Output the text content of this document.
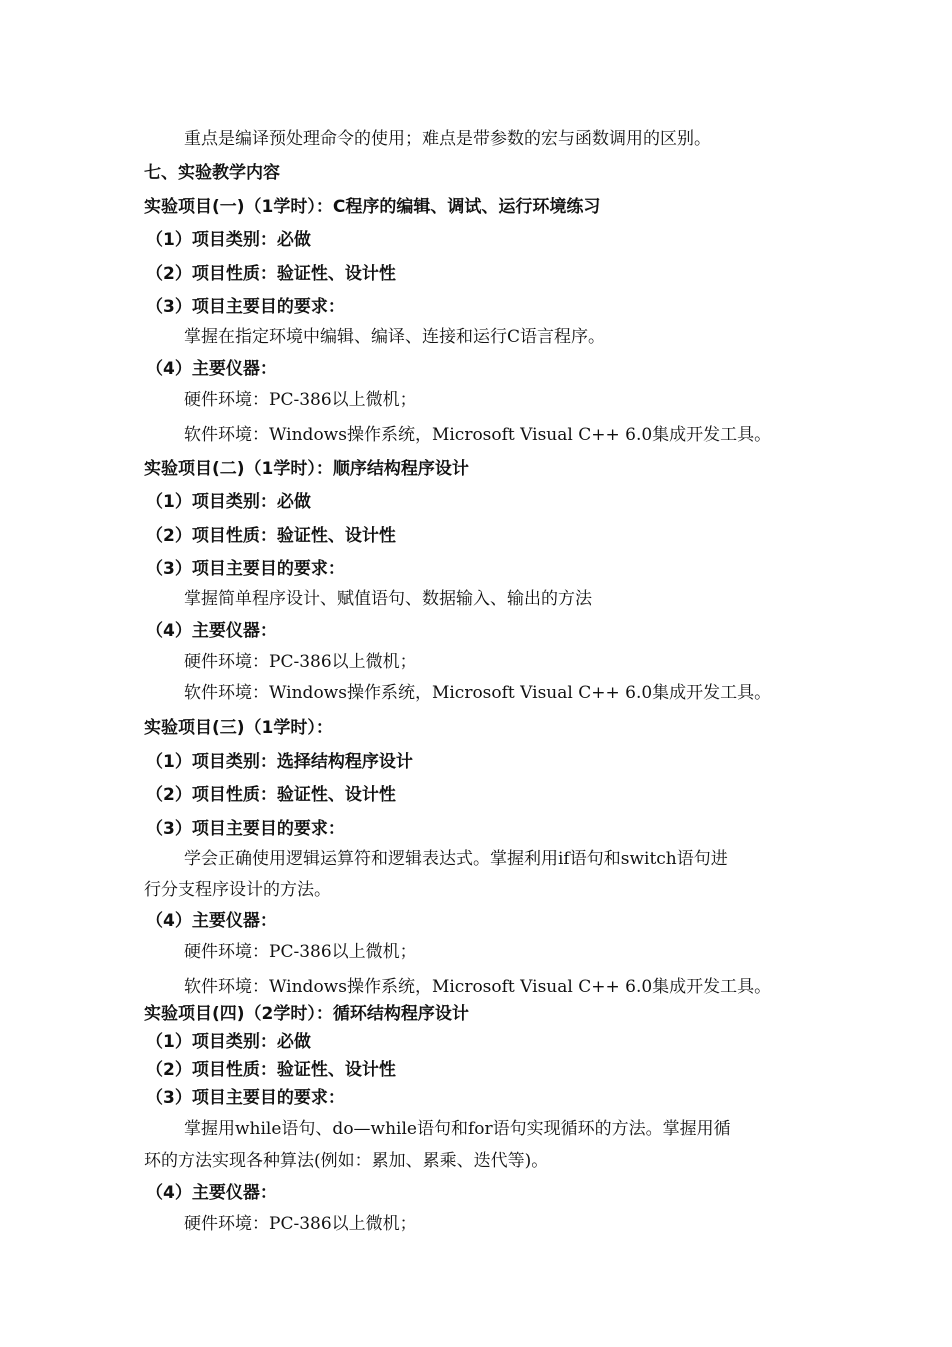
重点是编译预处理命令的使用；难点是带参数的宏与函数调用的区别。
七、实验教学内容
实验项目(一)（1学时）：C程序的编辑、调试、运行环境练习
（1）项目类别：必做
（2）项目性质：验证性、设计性
（3）项目主要目的要求：
掌握在指定环境中编辑、编译、连接和运行C语言程序。
（4）主要仪器：
硬件环境：PC-386以上微机；
软件环境：Windows操作系统，Microsoft Visual C++ 6.0集成开发工具。
实验项目(二)（1学时）：顺序结构程序设计
（1）项目类别：必做
（2）项目性质：验证性、设计性
（3）项目主要目的要求：
掌握简单程序设计、赋值语句、数据输入、输出的方法
（4）主要仪器：
硬件环境：PC-386以上微机；
软件环境：Windows操作系统，Microsoft Visual C++ 6.0集成开发工具。
实验项目(三)（1学时）：
（1）项目类别：选择结构程序设计
（2）项目性质：验证性、设计性
（3）项目主要目的要求：
学会正确使用逻辑运算符和逻辑表达式。掌握利用if语句和switch语句进
行分支程序设计的方法。
（4）主要仪器：
硬件环境：PC-386以上微机；
软件环境：Windows操作系统，Microsoft Visual C++ 6.0集成开发工具。
实验项目(四)（2学时）：循环结构程序设计
（1）项目类别：必做
（2）项目性质：验证性、设计性
（3）项目主要目的要求：
掌握用while语句、do—while语句和for语句实现循环的方法。掌握用循
环的方法实现各种算法(例如：累加、累乘、迭代等)。
（4）主要仪器：
硬件环境：PC-386以上微机；
